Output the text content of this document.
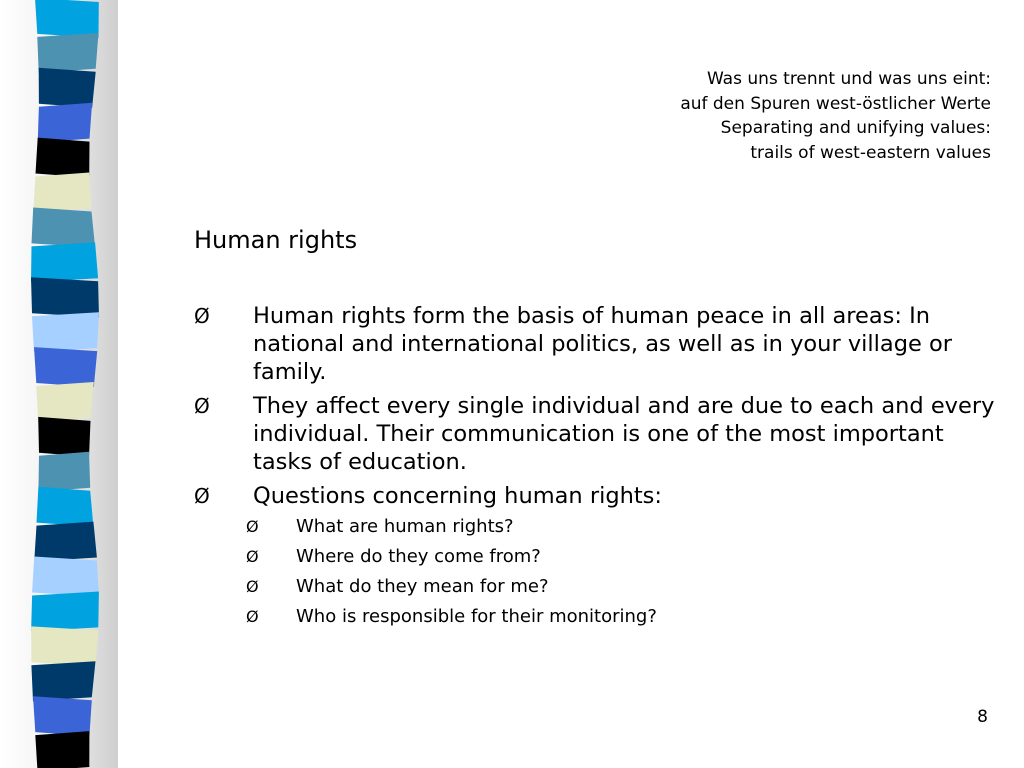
Was uns trennt und was uns eint:
auf den Spuren west-östlicher Werte
Separating and unifying values:
trails of west-eastern values
Human rights
Ø Human rights form the basis of human peace in all areas: In national and international politics, as well as in your village or family.
Ø They affect every single individual and are due to each and every individual. Their communication is one of the most important tasks of education.
Ø Questions concerning human rights:
Ø What are human rights?
Ø Where do they come from?
Ø What do they mean for me?
Ø Who is responsible for their monitoring?
8
